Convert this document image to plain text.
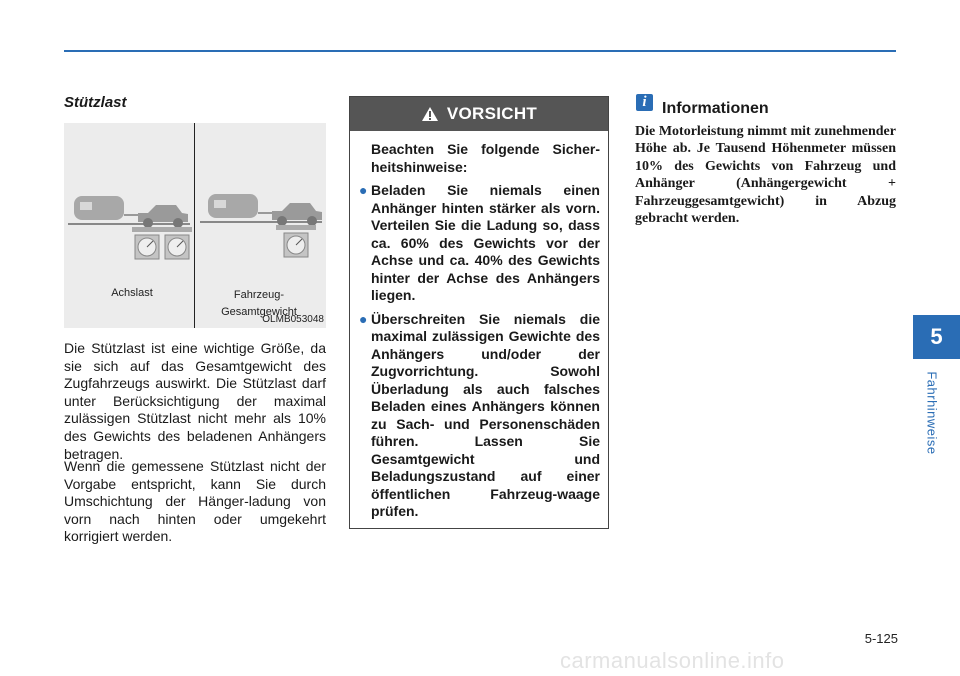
Stützlast
Achslast	Fahrzeug-
Gesamtgewicht
OLMB053048

Die Stützlast ist eine wichtige Größe, da sie sich auf das Gesamtgewicht des Zugfahrzeugs auswirkt. Die Stützlast darf unter Berücksichtigung der maximal zulässigen Stützlast nicht mehr als 10% des Gewichts des beladenen Anhängers betragen.

Wenn die gemessene Stützlast nicht der Vorgabe entspricht, kann Sie durch Umschichtung der Hänger-ladung von vorn nach hinten oder umgekehrt korrigiert werden.

VORSICHT

Beachten Sie folgende Sicher-heitshinweise:

● Beladen Sie niemals einen Anhänger hinten stärker als vorn. Verteilen Sie die Ladung so, dass ca. 60% des Gewichts vor der Achse und ca. 40% des Gewichts hinter der Achse des Anhängers liegen.
● Überschreiten Sie niemals die maximal zulässigen Gewichte des Anhängers und/oder der Zugvorrichtung. Sowohl Überladung als auch falsches Beladen eines Anhängers können zu Sach- und Personenschäden führen. Lassen Sie Gesamtgewicht und Beladungszustand auf einer öffentlichen Fahrzeug-waage prüfen.
i Informationen

Die Motorleistung nimmt mit zunehmender Höhe ab. Je Tausend Höhenmeter müssen 10% des Gewichts von Fahrzeug und Anhänger (Anhängergewicht + Fahrzeuggesamtgewicht) in Abzug gebracht werden.

5
Fahrhinweise
5-125
carmanualsonline.info
